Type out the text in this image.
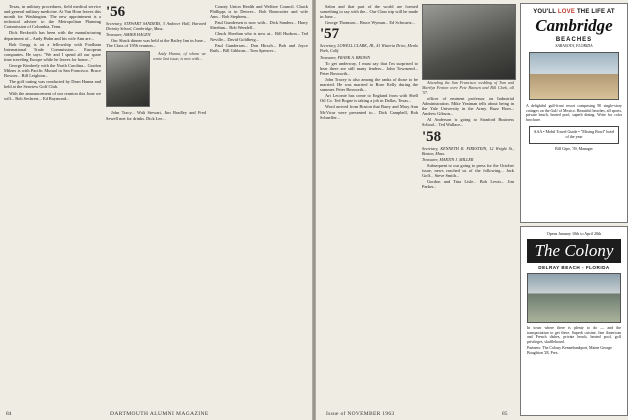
Texas, in military procedures, field medical service and general military medicine. At Van Horn leaves this month for Washington. The new appointment is a technical adviser to the Metropolitan Planning Commission of Columbia, Tenn.

Dick Beckwith has been with the manufacturing department of... Andy Huhn and his wife Ann are...

Bob Gregg is on a fellowship with Fordham International Trade Commission... European companies. He says: "We and I spend all our spare time traveling Europe while he leaves for home..."

George Kimberly with the North Carolina... Gordon Milnes is with Pacific Mutual in San Francisco. Bruce Bowser... Bill Leighton...

The golf outing was conducted by Dean Hanna and held at the Seaview Golf Club.

With the announcement of our reunion this June we will... Bob Sechrest... Ed Raymond...

'56

Secretary, STEWART SANDERS, 3 Andover Hall, Harvard Divinity School, Cambridge, Mass.

Treasurer, ASHER HAGEN

Our Shack dinner was held at the Bailey Inn in June... The Class of 1956 reunion...

Andy Hanna, of whom we wrote last issue, is now with...

John Tracy... Walt Stewart, Jim Bradley and Fred Sewell met for drinks. Dick Lee...

County Union Health and Welfare Council. Chuck Phillipps is in Denver... Bob Bonecutter and wife Ann... Bob Stephens...

Paul Gundersen is now with... Dick Sanders... Harry Sheehan... Bob Wendell...

Chuck Sheehan who is now at... Bill Hudson... Ted Neville... David Goldberg...

Paul Gundersen... Don Hirsch... Bob and Joyce Ruth... Bill Gibbons... Tom Spencer...

84	DARTMOUTH ALUMNI MAGAZINE

Salon and that part of the world are formed something to say with the... Our Class trip will be made in June...

George Thomson... Bruce Wyman... Ed Schwartz...

'57

Secretary, LOWELL CLARK, JR., 41 Wisteria Drive, Menlo Park, Calif.

Treasurer, FRANK A. BROWN

To get underway, I must say that I'm surprised to hear there are still many leaders... John Townsend... Peter Bosworth...

John Tracey is also among the ranks of those to be married. He was married to Rose Kelly during the summer. Peter Bosworth...

Art Leconte has come to England from with Shell Oil Co. Ted Bogne is taking a job in Dallas, Texas...

Word arrived from Boston that Barry and Mary Ann McVicar were presented to... Dick Campbell, Bob Schaeffer...

Attending the San Francisco wedding of Tom and Marilyn Fenton were Pete Hansen and Bill Clark, all '57.

officer of eminent professor on Industrial Administration. Mike Yeatman tells about being in the Yale University in the Army. Buzz Horn... Andrew Gibson...

Al Anderson is going to Stanford Business School... Ted Wallace...

'58

Secretary, KENNETH R. FIRESTEIN, 12 Wright St., Boston, Mass.

Treasurer, MARTIN J. MILLER

Subsequent to our going to press for the October issue, news reached us of the following... Jack Goff... Steve Smith...

Gordon and Tina Lisle... Bob Lewis... Jim Parker...

Issue of NOVEMBER 1963	85
YOU'LL LOVE THE LIFE AT
Cambridge
BEACHES
SARASOTA, FLORIDA
A delightful gulf-front resort comprising 90 single-story cottages on the Gulf of Mexico. Beautiful beaches, all sports, private beach, heated pool, superb dining. Write for color brochure.
AAA • Mobil Travel Guide • "Mixing Bowl" hotel of the year
Bill Gipe, '39, Manager
Opens January 10th to April 20th
The Colony
DELRAY BEACH - FLORIDA
In town where there is plenty to do — and the transportation to get there. Superb cuisine, fine American and French dishes, private beach, heated pool, golf privileges, shuffleboard.
Partners: The Colony Kennebunkport, Maine George Boughton '28, Pres.
